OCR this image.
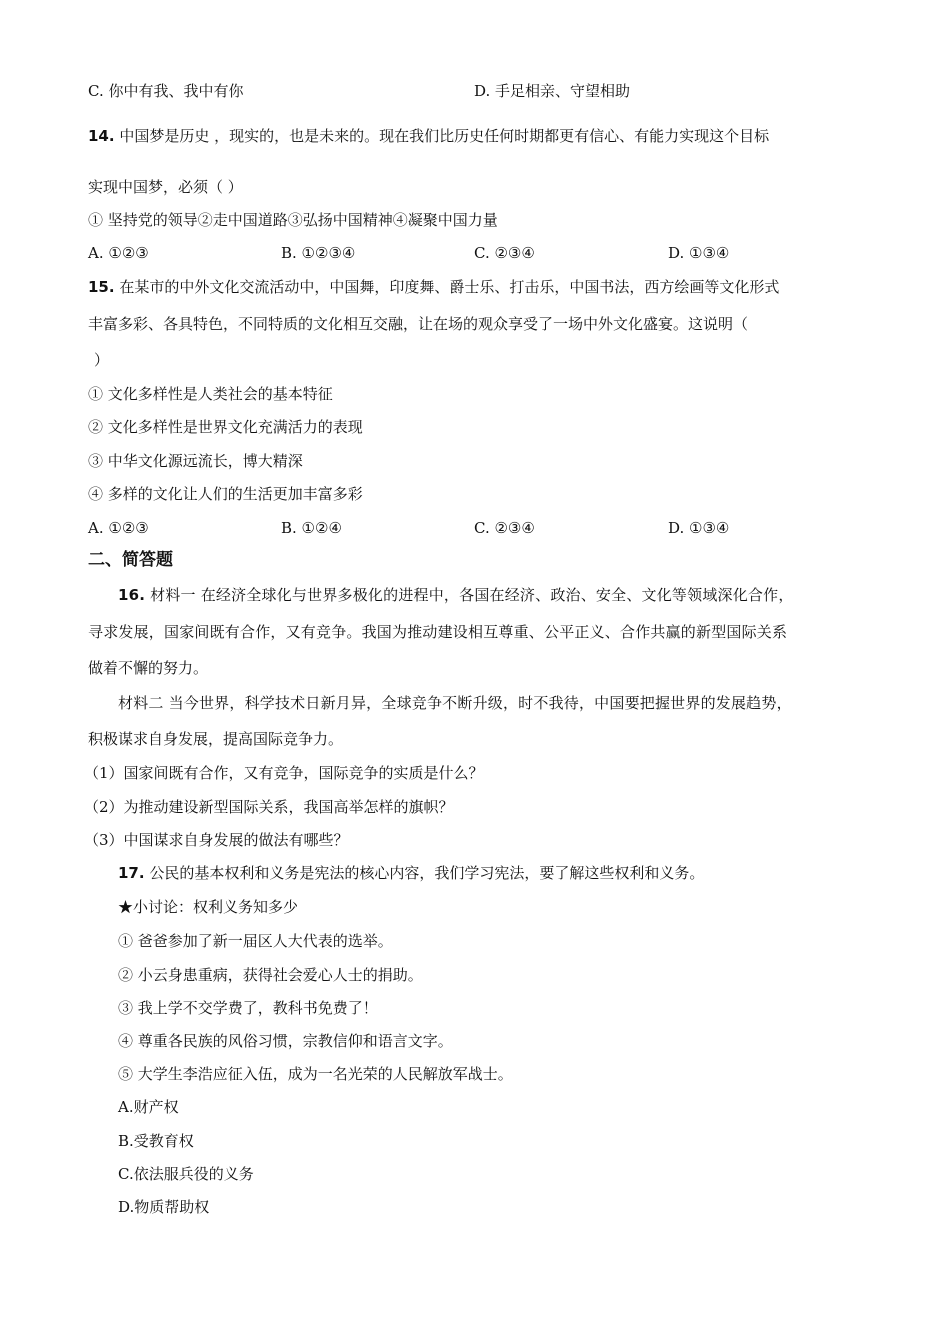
C. 你中有我、我中有你	D. 手足相亲、守望相助
14. 中国梦是历史 ，现实的，也是未来的。现在我们比历史任何时期都更有信心、有能力实现这个目标
实现中国梦，必须（ ）
① 坚持党的领导②走中国道路③弘扬中国精神④凝聚中国力量
A. ①②③	B. ①②③④	C. ②③④	D. ①③④
15. 在某市的中外文化交流活动中，中国舞，印度舞、爵士乐、打击乐，中国书法，西方绘画等文化形式
丰富多彩、各具特色，不同特质的文化相互交融，让在场的观众享受了一场中外文化盛宴。这说明（
）
① 文化多样性是人类社会的基本特征
② 文化多样性是世界文化充满活力的表现
③ 中华文化源远流长，博大精深
④ 多样的文化让人们的生活更加丰富多彩
A. ①②③	B. ①②④	C. ②③④	D. ①③④
二、简答题
16. 材料一 在经济全球化与世界多极化的进程中，各国在经济、政治、安全、文化等领域深化合作，
寻求发展，国家间既有合作，又有竞争。我国为推动建设相互尊重、公平正义、合作共赢的新型国际关系
做着不懈的努力。
材料二 当今世界，科学技术日新月异，全球竞争不断升级，时不我待，中国要把握世界的发展趋势，
积极谋求自身发展，提高国际竞争力。
（1）国家间既有合作，又有竞争，国际竞争的实质是什么？
（2）为推动建设新型国际关系，我国高举怎样的旗帜？
（3）中国谋求自身发展的做法有哪些？
17. 公民的基本权利和义务是宪法的核心内容，我们学习宪法，要了解这些权利和义务。
★小讨论：权利义务知多少
① 爸爸参加了新一届区人大代表的选举。
② 小云身患重病，获得社会爱心人士的捐助。
③ 我上学不交学费了，教科书免费了！
④ 尊重各民族的风俗习惯，宗教信仰和语言文字。
⑤ 大学生李浩应征入伍，成为一名光荣的人民解放军战士。
A.财产权
B.受教育权
C.依法服兵役的义务
D.物质帮助权
